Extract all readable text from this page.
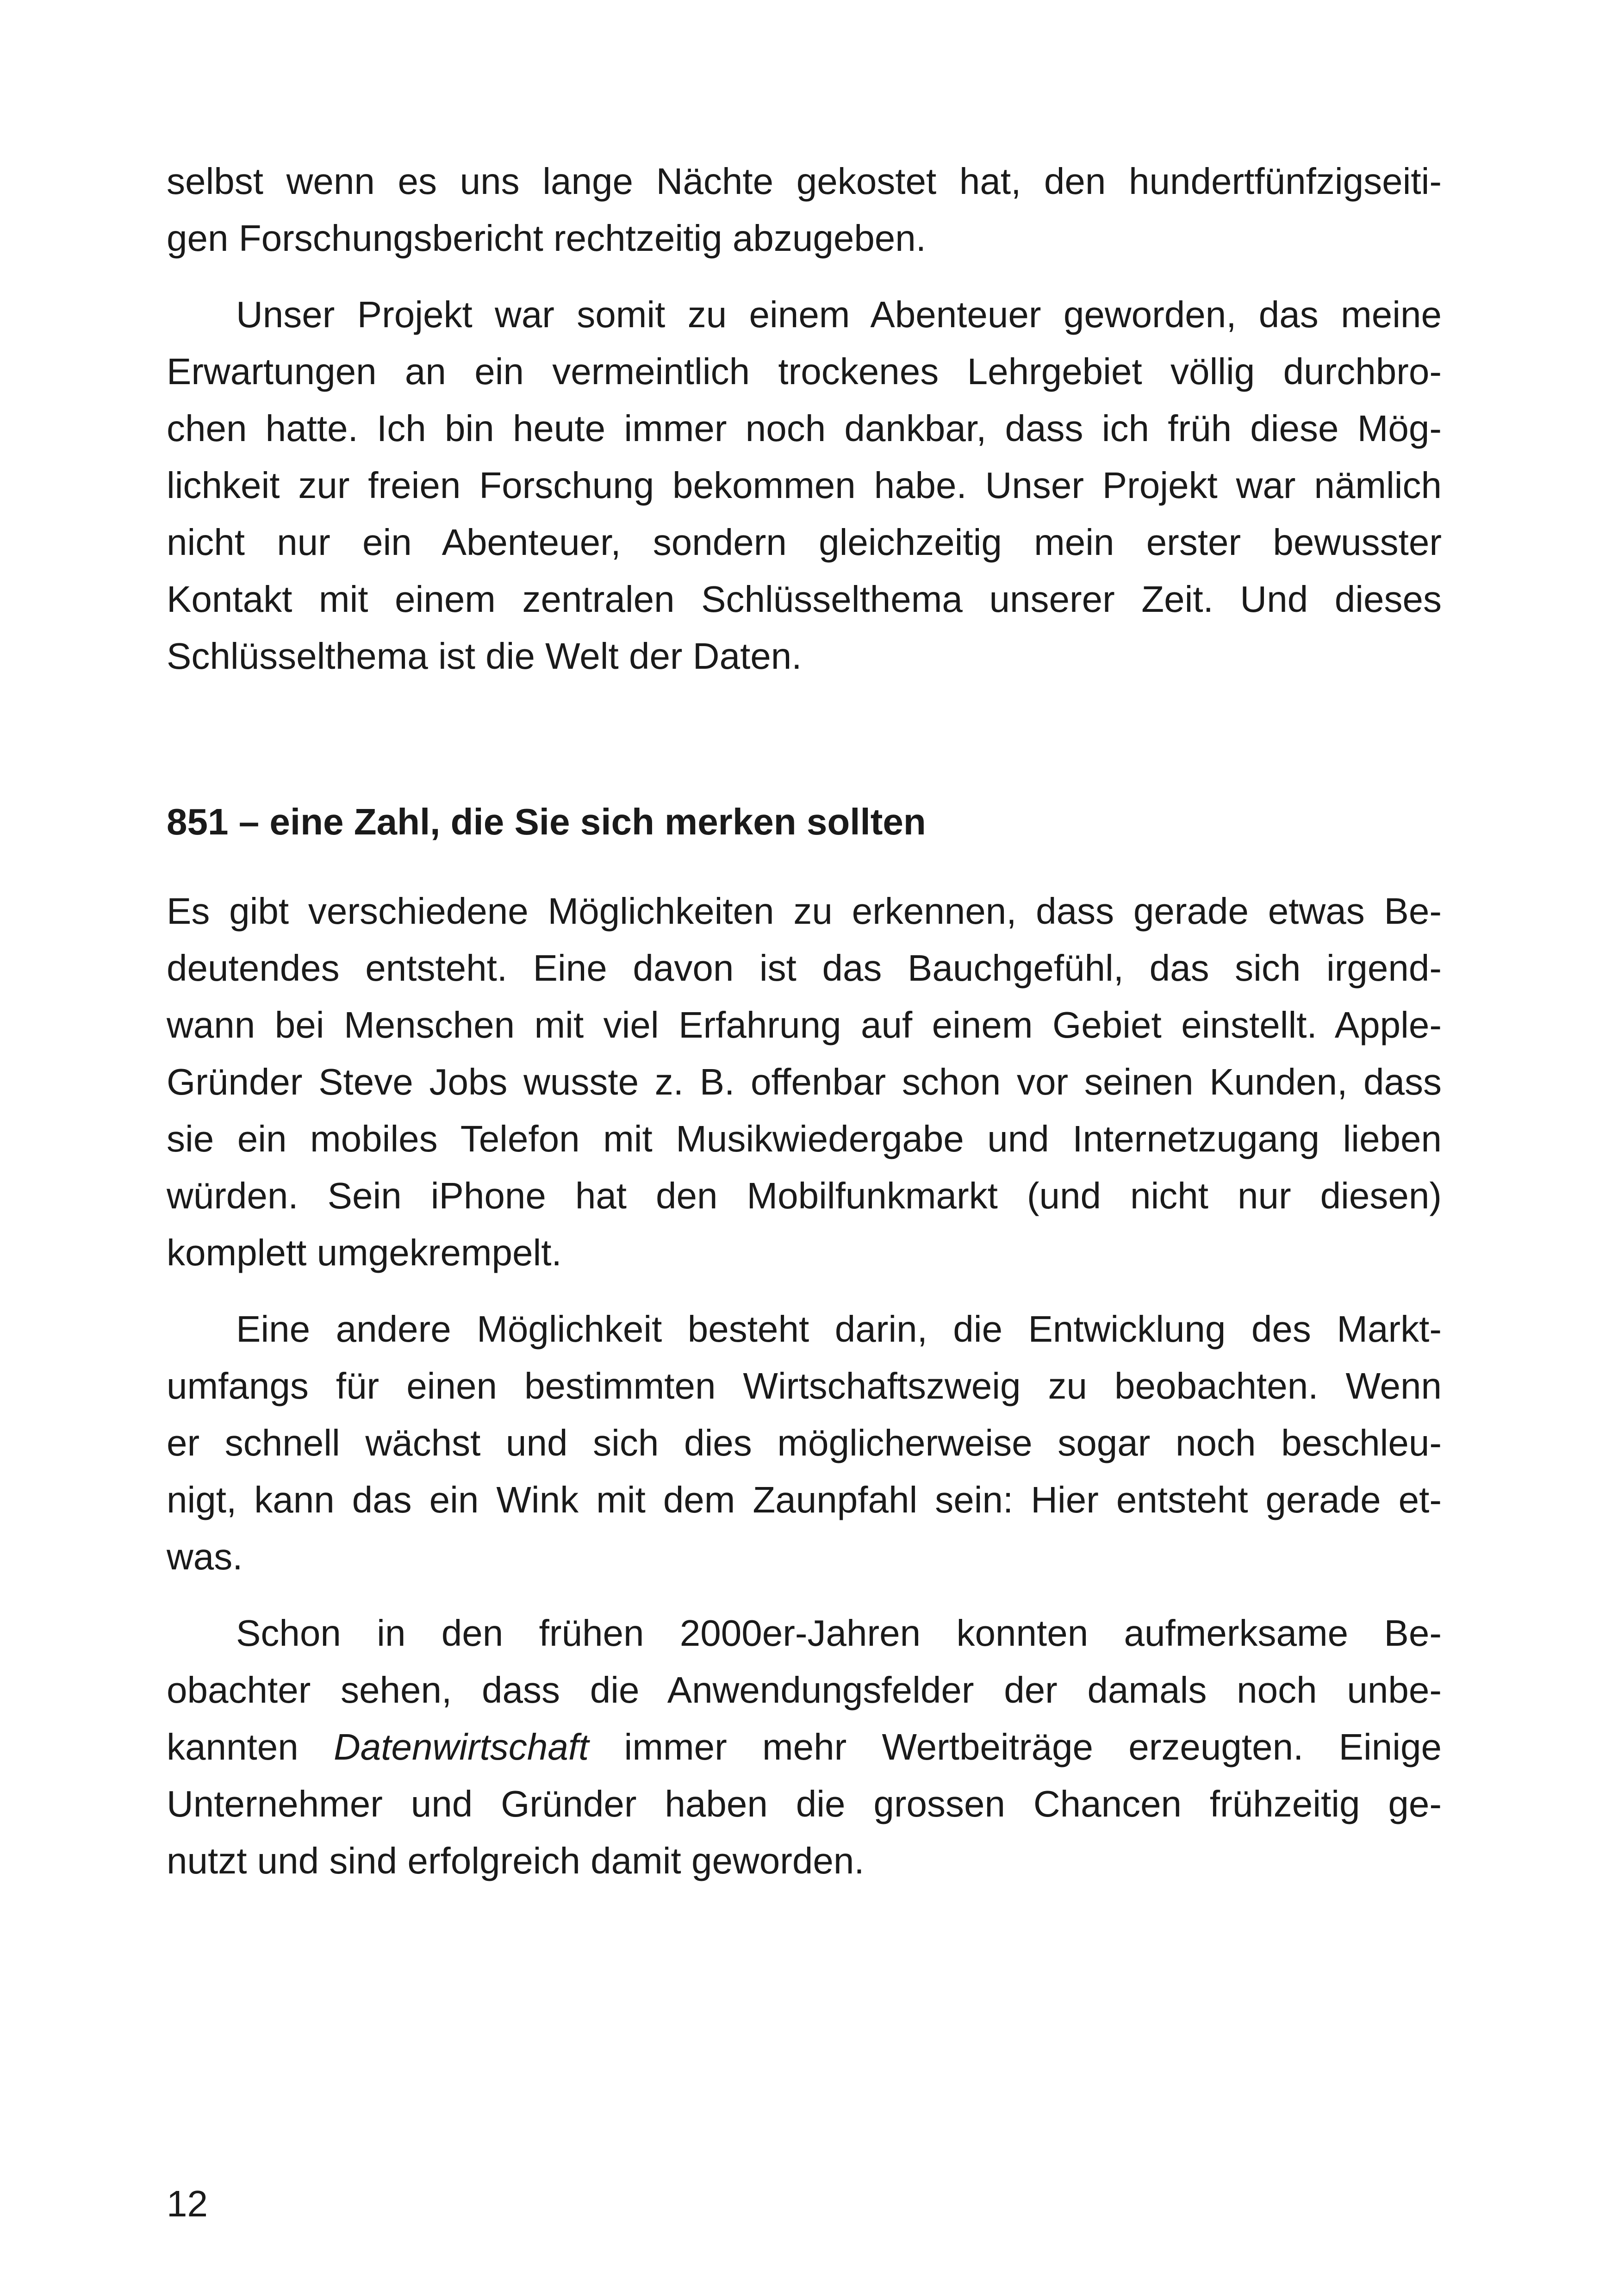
selbst wenn es uns lange Nächte gekostet hat, den hundertfünfzigseiti-
gen Forschungsbericht rechtzeitig abzugeben.
Unser Projekt war somit zu einem Abenteuer geworden, das meine
Erwartungen an ein vermeintlich trockenes Lehrgebiet völlig durchbro-
chen hatte. Ich bin heute immer noch dankbar, dass ich früh diese Mög-
lichkeit zur freien Forschung bekommen habe. Unser Projekt war nämlich
nicht nur ein Abenteuer, sondern gleichzeitig mein erster bewusster
Kontakt mit einem zentralen Schlüsselthema unserer Zeit. Und dieses
Schlüsselthema ist die Welt der Daten.
851 – eine Zahl, die Sie sich merken sollten
Es gibt verschiedene Möglichkeiten zu erkennen, dass gerade etwas Be-
deutendes entsteht. Eine davon ist das Bauchgefühl, das sich irgend-
wann bei Menschen mit viel Erfahrung auf einem Gebiet einstellt. Apple-
Gründer Steve Jobs wusste z. B. offenbar schon vor seinen Kunden, dass
sie ein mobiles Telefon mit Musikwiedergabe und Internetzugang lieben
würden. Sein iPhone hat den Mobilfunkmarkt (und nicht nur diesen)
komplett umgekrempelt.
Eine andere Möglichkeit besteht darin, die Entwicklung des Markt-
umfangs für einen bestimmten Wirtschaftszweig zu beobachten. Wenn
er schnell wächst und sich dies möglicherweise sogar noch beschleu-
nigt, kann das ein Wink mit dem Zaunpfahl sein: Hier entsteht gerade et-
was.
Schon in den frühen 2000er-Jahren konnten aufmerksame Be-
obachter sehen, dass die Anwendungsfelder der damals noch unbe-
kannten Datenwirtschaft immer mehr Wertbeiträge erzeugten. Einige
Unternehmer und Gründer haben die grossen Chancen frühzeitig ge-
nutzt und sind erfolgreich damit geworden.
12
